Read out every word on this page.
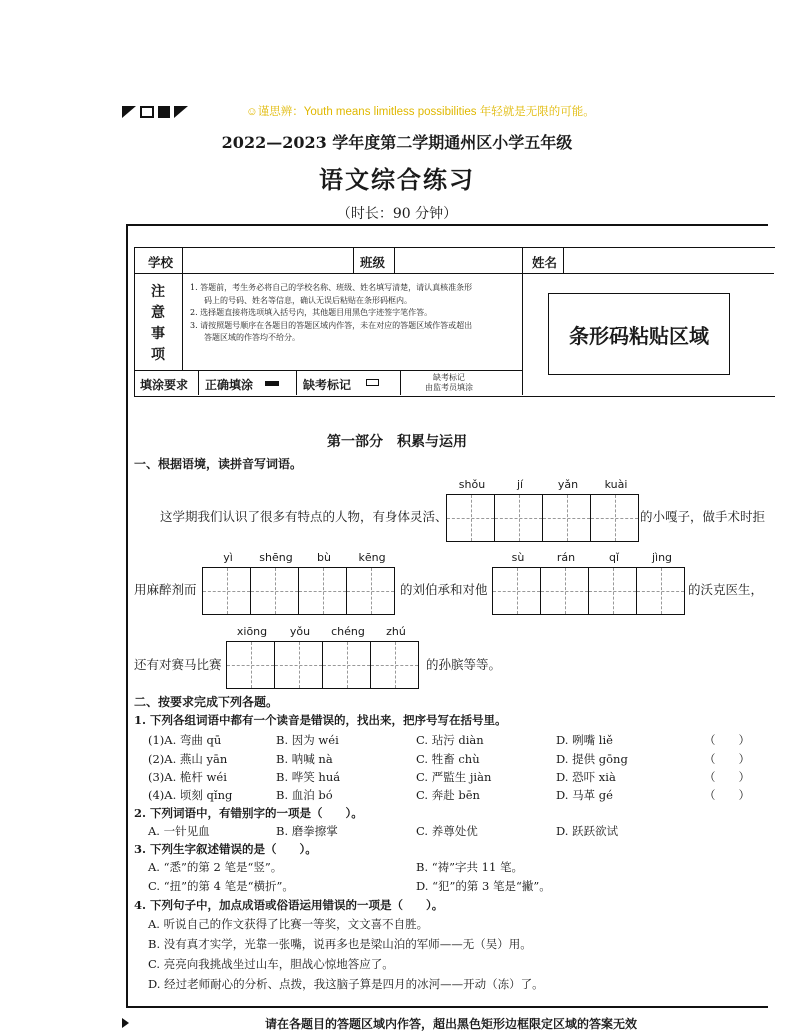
☺谨思辨：Youth means limitless possibilities 年轻就是无限的可能。
2022—2023 学年度第二学期通州区小学五年级
语文综合练习
（时长：90 分钟）
学校	班级	姓名
注
意
事
项
1. 答题前，考生务必将自己的学校名称、班级、姓名填写清楚，请认真核准条形
码上的号码、姓名等信息，确认无误后粘贴在条形码框内。
2. 选择题直接将选项填入括号内，其他题目用黑色字迹签字笔作答。
3. 请按照题号顺序在各题目的答题区域内作答，未在对应的答题区域作答或超出
答题区域的作答均不给分。
填涂要求 正确填涂	缺考标记
缺考标记
由监考员填涂
条形码粘贴区域
第一部分　积累与运用
一、根据语境，读拼音写词语。
shǒu	jí	yǎn	kuài
这学期我们认识了很多有特点的人物，有身体灵活、	的小嘎子，做手术时拒
yì	shēng	bù	kēng	sù	rán	qǐ	jìng
用麻醉剂而	的刘伯承和对他	的沃克医生，
xiōng	yǒu	chéng	zhú
还有对赛马比赛	的孙膑等等。
二、按要求完成下列各题。
1. 下列各组词语中都有一个读音是错误的，找出来，把序号写在括号里。
(1)A. 弯曲 qū	B. 因为 wéi	C. 玷污 diàn	D. 咧嘴 liě	（　　）
(2)A. 燕山 yān	B. 呐喊 nà	C. 牲畜 chù	D. 提供 gōng	（　　）
(3)A. 桅杆 wéi	B. 哗笑 huá	C. 严監生 jiàn	D. 恐吓 xià	（　　）
(4)A. 顷刻 qǐng	B. 血泊 bó	C. 奔赴 bēn	D. 马革 gé	（　　）
2. 下列词语中，有错别字的一项是（　　）。
A. 一针见血	B. 磨拳擦掌	C. 养尊处优	D. 跃跃欲试
3. 下列生字叙述错误的是（　　）。
A. “悉”的第 2 笔是“竖”。	B. “祷”字共 11 笔。
C. “扭”的第 4 笔是“横折”。	D. “犯”的第 3 笔是“撇”。
4. 下列句子中，加点成语或俗语运用错误的一项是（　　）。
A. 听说自己的作文获得了比赛一等奖，文文喜不自胜。
B. 没有真才实学，光靠一张嘴，说再多也是梁山泊的军师——无（吴）用。
C. 亮亮向我挑战坐过山车，胆战心惊地答应了。
D. 经过老师耐心的分析、点拨，我这脑子算是四月的冰河——开动（冻）了。
请在各题目的答题区域内作答，超出黑色矩形边框限定区域的答案无效
